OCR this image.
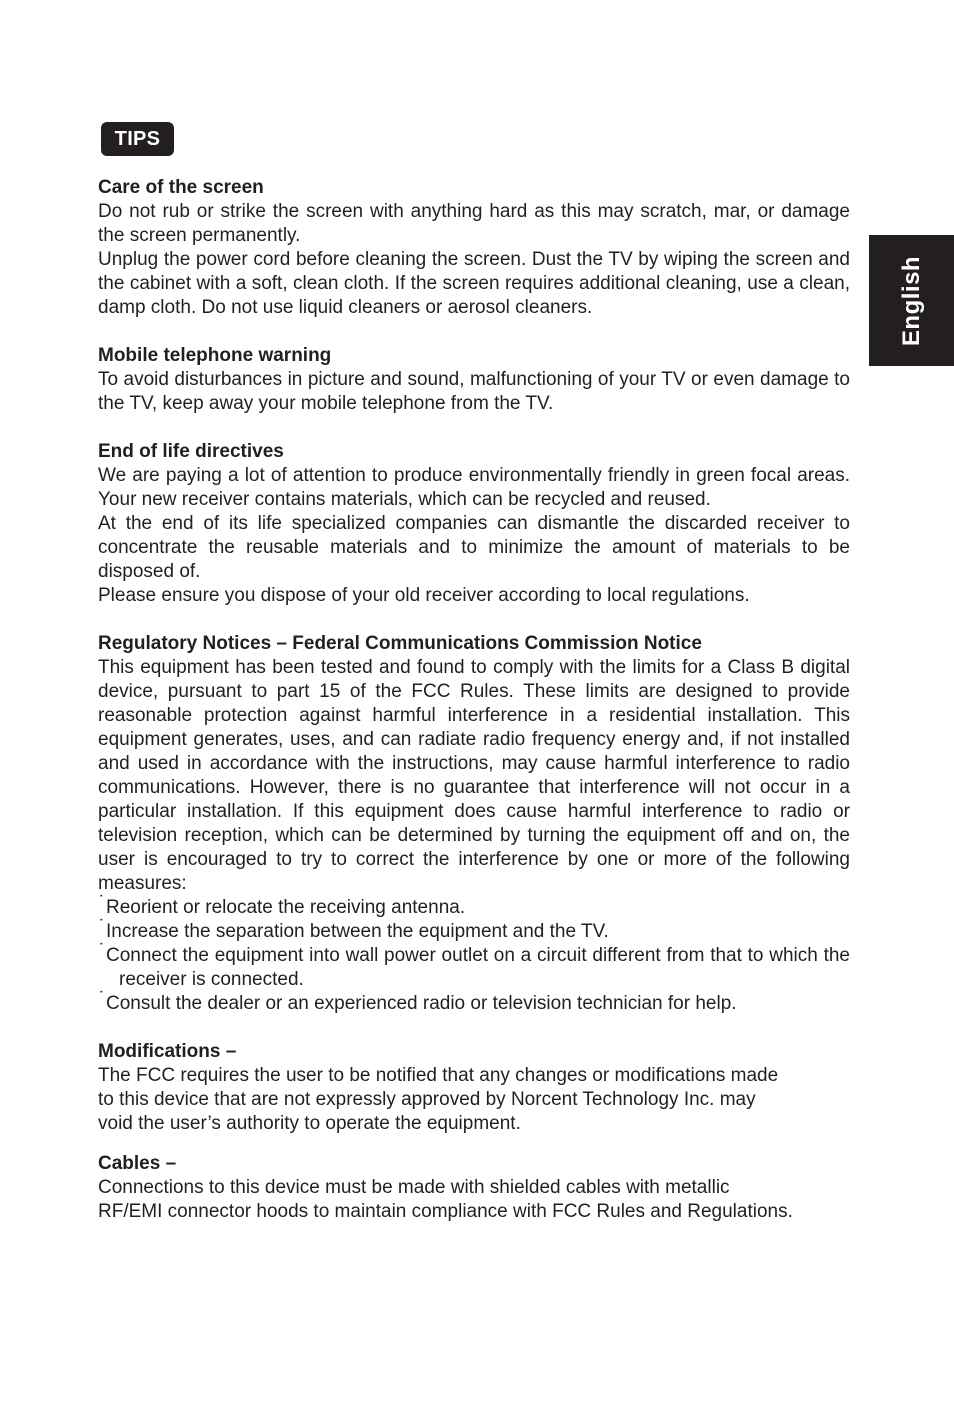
TIPS
English
Care of the screen

Do not rub or strike the screen with anything hard as this may scratch, mar, or damage the screen permanently.

Unplug the power cord before cleaning the screen. Dust the TV by wiping the screen and the cabinet with a soft, clean cloth. If the screen requires additional cleaning, use a clean, damp cloth. Do not use liquid cleaners or aerosol cleaners.

Mobile telephone warning

To avoid disturbances in picture and sound, malfunctioning of your TV or even damage to the TV, keep away your mobile telephone from the TV.

End of life directives

We are paying a lot of attention to produce environmentally friendly in green focal areas. Your new receiver contains materials, which can be recycled and reused.

At the end of its life specialized companies can dismantle the discarded receiver to concentrate the reusable materials and to minimize the amount of materials to be disposed of.

Please ensure you dispose of your old receiver according to local regulations.

Regulatory Notices – Federal Communications Commission Notice

This equipment has been tested and found to comply with the limits for a Class B digital device, pursuant to part 15 of the FCC Rules. These limits are designed to provide reasonable protection against harmful interference in a residential installation. This equipment generates, uses, and can radiate radio frequency energy and, if not installed and used in accordance with the instructions, may cause harmful interference to radio communications. However, there is no guarantee that interference will not occur in a particular installation. If this equipment does cause harmful interference to radio or television reception, which can be determined by turning the equipment off and on, the user is encouraged to try to correct the interference by one or more of the following measures:

˙ Reorient or relocate the receiving antenna.
˙ Increase the separation between the equipment and the TV.
˙ Connect the equipment into wall power outlet on a circuit different from that to which the receiver is connected.
˙ Consult the dealer or an experienced radio or television technician for help.
Modifications –

The FCC requires the user to be notified that any changes or modifications made

to this device that are not expressly approved by Norcent Technology Inc. may

void the user’s authority to operate the equipment.

Cables –

Connections to this device must be made with shielded cables with metallic

RF/EMI connector hoods to maintain compliance with FCC Rules and Regulations.
